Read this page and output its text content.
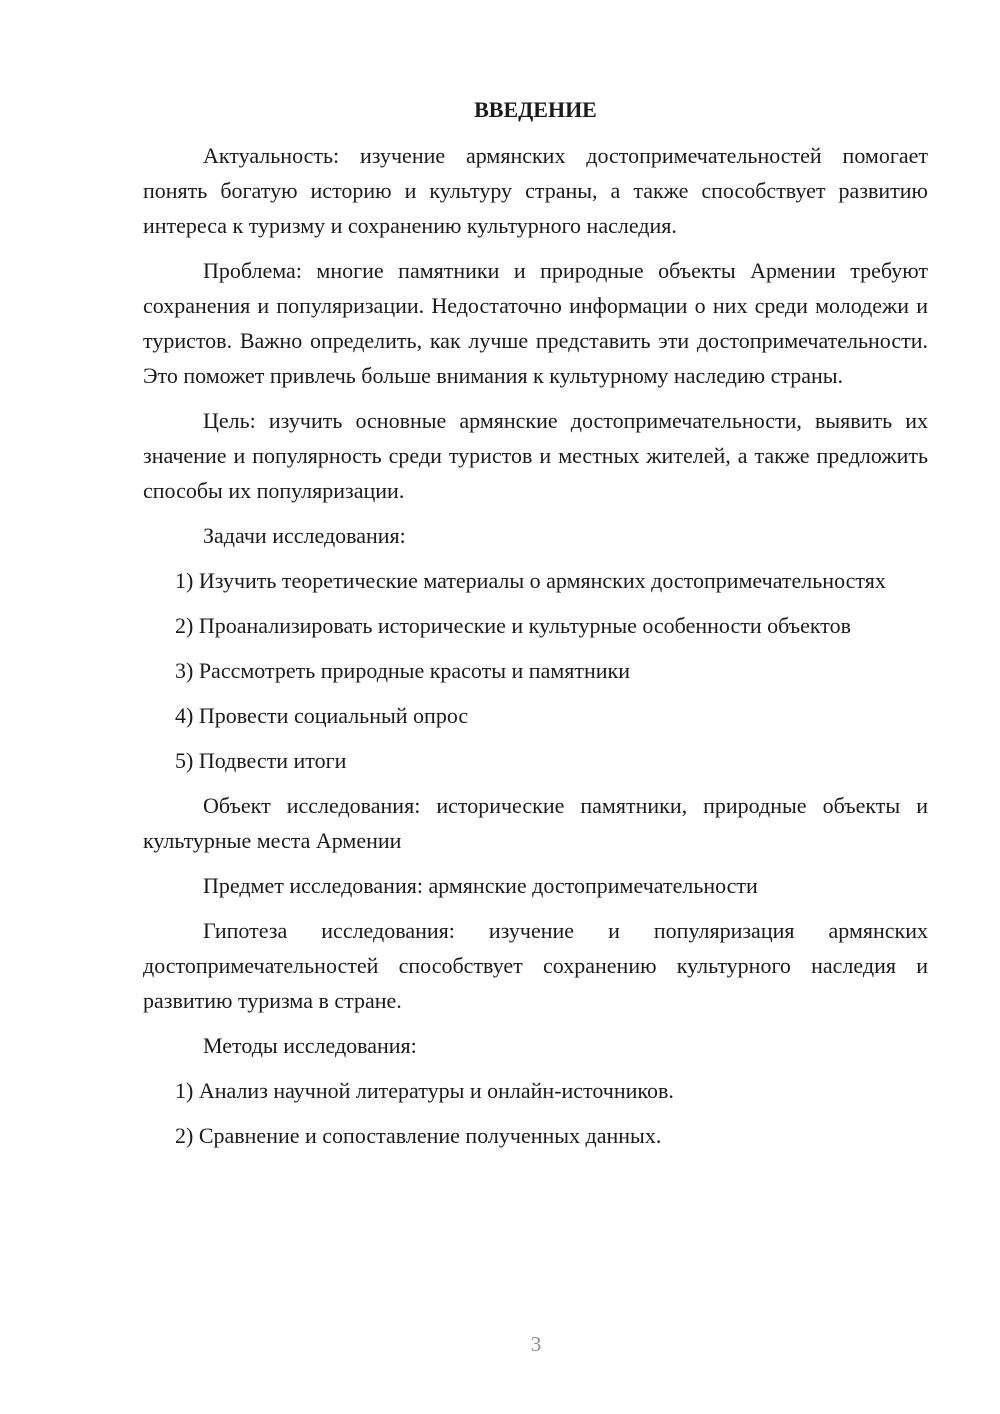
ВВЕДЕНИЕ

Актуальность: изучение армянских достопримечательностей помогает понять богатую историю и культуру страны, а также способствует развитию интереса к туризму и сохранению культурного наследия.

Проблема: многие памятники и природные объекты Армении требуют сохранения и популяризации. Недостаточно информации о них среди молодежи и туристов. Важно определить, как лучше представить эти достопримечательности. Это поможет привлечь больше внимания к культурному наследию страны.

Цель: изучить основные армянские достопримечательности, выявить их значение и популярность среди туристов и местных жителей, а также предложить способы их популяризации.

Задачи исследования:

1) Изучить теоретические материалы о армянских достопримечательностях

2) Проанализировать исторические и культурные особенности объектов

3) Рассмотреть природные красоты и памятники

4) Провести социальный опрос

5) Подвести итоги

Объект исследования: исторические памятники, природные объекты и культурные места Армении

Предмет исследования: армянские достопримечательности

Гипотеза исследования: изучение и популяризация армянских достопримечательностей способствует сохранению культурного наследия и развитию туризма в стране.

Методы исследования:

1) Анализ научной литературы и онлайн-источников.

2) Сравнение и сопоставление полученных данных.

3
